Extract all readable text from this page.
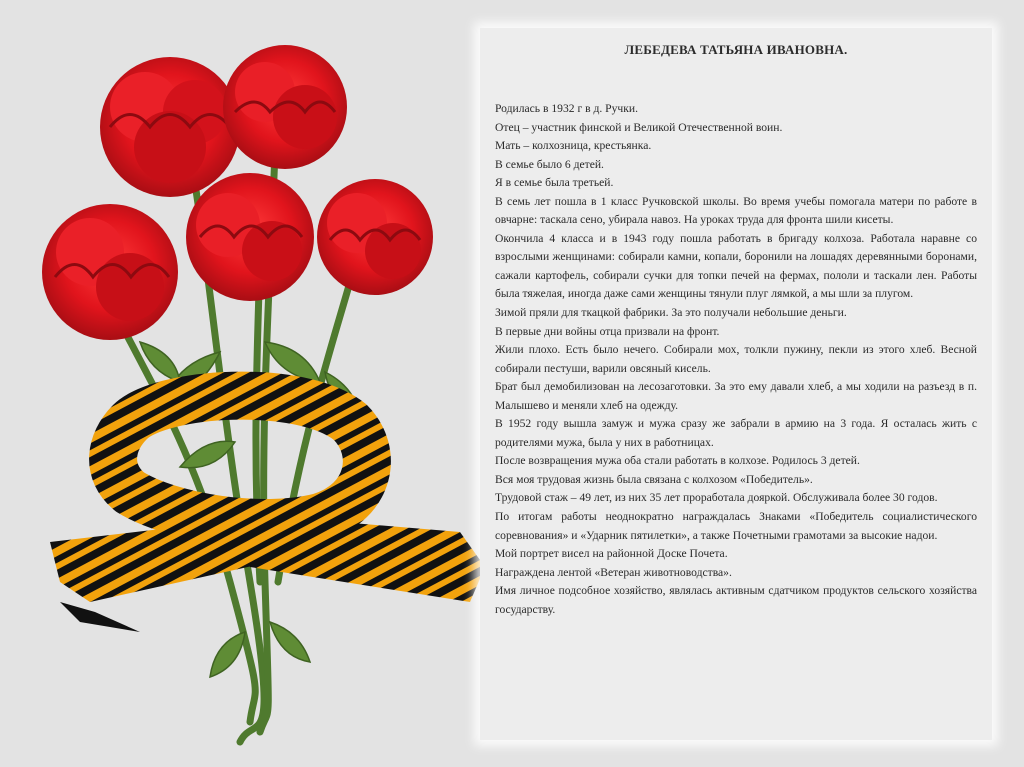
ЛЕБЕДЕВА ТАТЬЯНА ИВАНОВНА.

Родилась в 1932 г в д. Ручки.

Отец – участник финской и Великой Отечественной воин.

Мать – колхозница, крестьянка.

В семье было 6 детей.

Я в семье была третьей.

В семь лет пошла в 1 класс Ручковской школы. Во время учебы помогала матери по работе в овчарне: таскала сено, убирала навоз. На уроках труда для фронта шили кисеты.

Окончила 4 класса и в 1943 году пошла работать в бригаду колхоза. Работала наравне со взрослыми женщинами: собирали камни, копали, боронили на лошадях деревянными боронами, сажали картофель, собирали сучки для топки печей на фермах, пололи и таскали лен. Работы была тяжелая, иногда даже сами женщины тянули плуг лямкой, а мы шли за плугом.

Зимой пряли для ткацкой фабрики. За это получали небольшие деньги.

В первые дни войны отца призвали на фронт.

Жили плохо. Есть было нечего. Собирали мох, толкли пужину, пекли из этого хлеб. Весной собирали пестуши, варили овсяный кисель.

Брат был демобилизован на лесозаготовки. За это ему давали хлеб, а мы ходили на разъезд в п. Малышево и меняли хлеб на одежду.

В 1952 году вышла замуж и мужа сразу же забрали в армию на 3 года. Я осталась жить с родителями мужа, была у них в работницах.

После возвращения мужа оба стали работать в колхозе. Родилось 3 детей.

Вся моя трудовая жизнь была связана с колхозом «Победитель».

Трудовой стаж – 49 лет, из них 35 лет проработала дояркой. Обслуживала более 30 годов.

По итогам работы неоднократно награждалась Знаками «Победитель социалистического соревнования» и «Ударник пятилетки», а также Почетными грамотами за высокие надои.

Мой портрет висел на районной Доске Почета.

Награждена лентой «Ветеран животноводства».

Имя личное подсобное хозяйство, являлась активным сдатчиком продуктов сельского хозяйства государству.
